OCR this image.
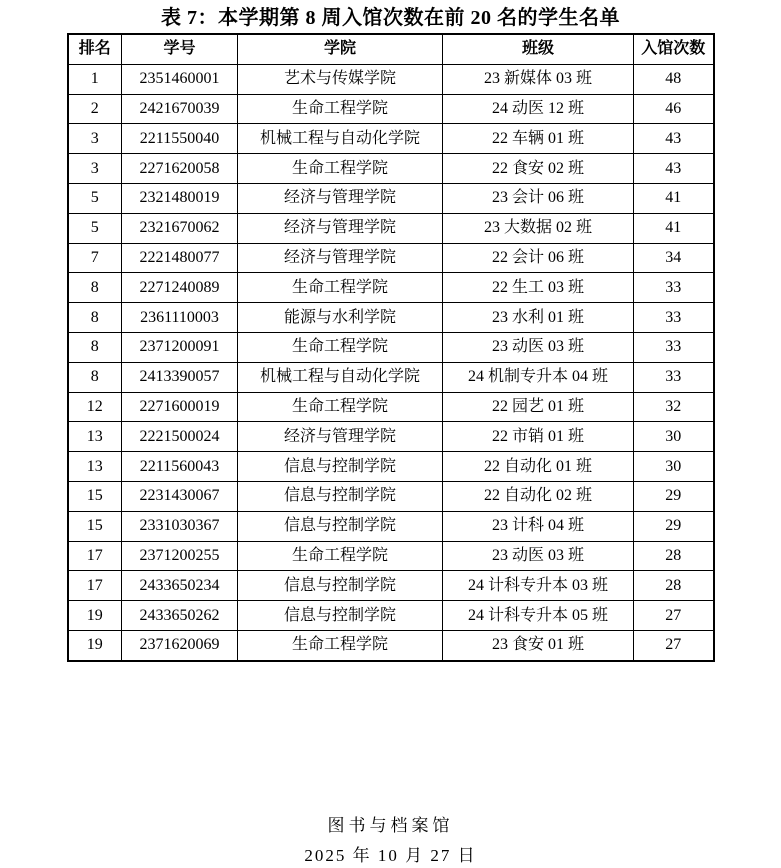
表 7：本学期第 8 周入馆次数在前 20 名的学生名单
排名	学号	学院	班级	入馆次数
1	2351460001	艺术与传媒学院	23 新媒体 03 班	48
2	2421670039	生命工程学院	24 动医 12 班	46
3	2211550040	机械工程与自动化学院	22 车辆 01 班	43
3	2271620058	生命工程学院	22 食安 02 班	43
5	2321480019	经济与管理学院	23 会计 06 班	41
5	2321670062	经济与管理学院	23 大数据 02 班	41
7	2221480077	经济与管理学院	22 会计 06 班	34
8	2271240089	生命工程学院	22 生工 03 班	33
8	2361110003	能源与水利学院	23 水利 01 班	33
8	2371200091	生命工程学院	23 动医 03 班	33
8	2413390057	机械工程与自动化学院	24 机制专升本 04 班	33
12	2271600019	生命工程学院	22 园艺 01 班	32
13	2221500024	经济与管理学院	22 市销 01 班	30
13	2211560043	信息与控制学院	22 自动化 01 班	30
15	2231430067	信息与控制学院	22 自动化 02 班	29
15	2331030367	信息与控制学院	23 计科 04 班	29
17	2371200255	生命工程学院	23 动医 03 班	28
17	2433650234	信息与控制学院	24 计科专升本 03 班	28
19	2433650262	信息与控制学院	24 计科专升本 05 班	27
19	2371620069	生命工程学院	23 食安 01 班	27
图书与档案馆
2025 年 10 月 27 日
